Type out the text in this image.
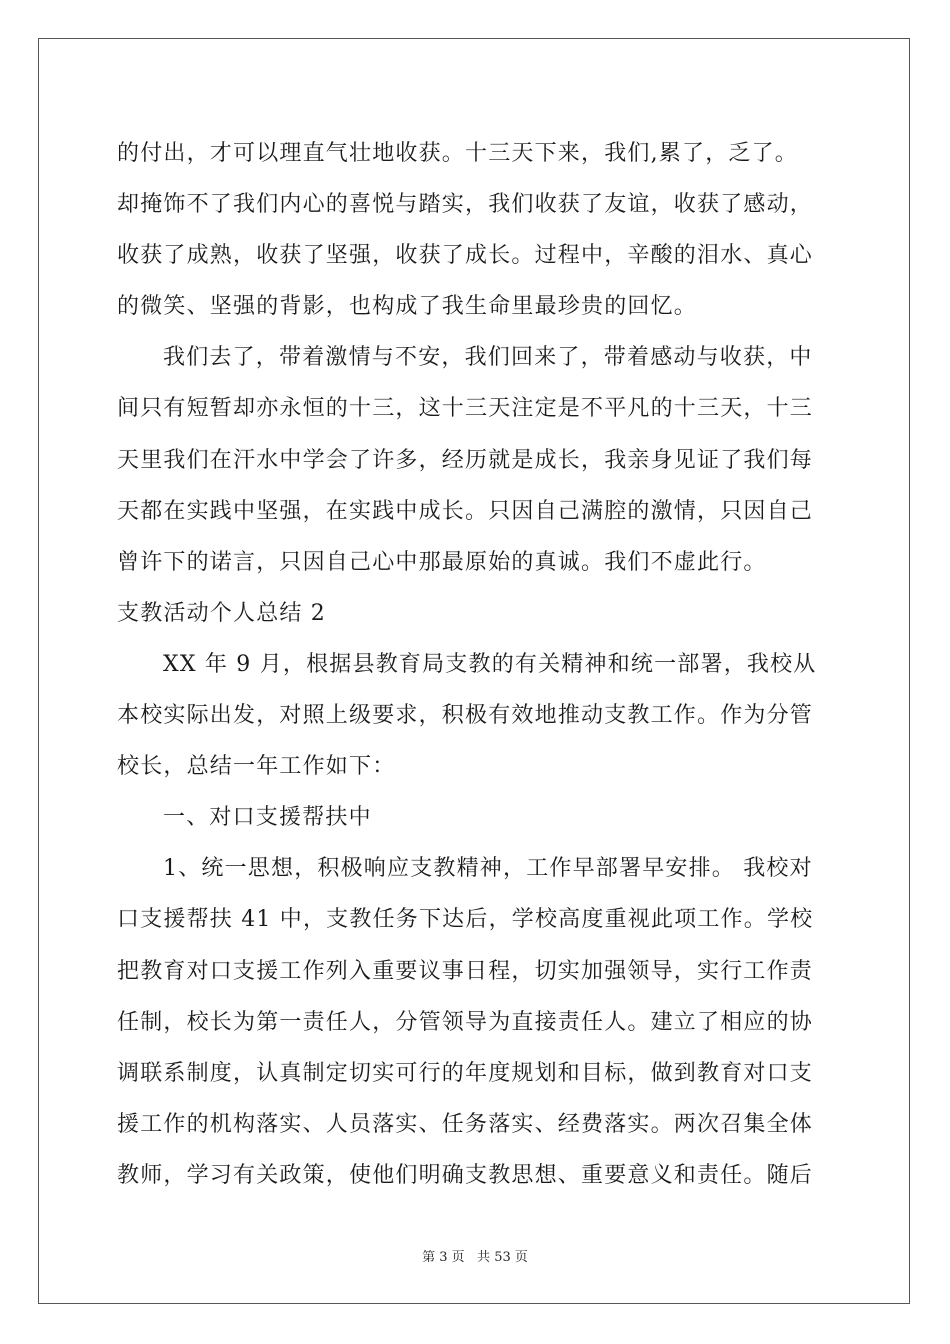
的付出，才可以理直气壮地收获。十三天下来，我们,累了，乏了。
却掩饰不了我们内心的喜悦与踏实，我们收获了友谊，收获了感动，
收获了成熟，收获了坚强，收获了成长。过程中，辛酸的泪水、真心
的微笑、坚强的背影，也构成了我生命里最珍贵的回忆。
我们去了，带着激情与不安，我们回来了，带着感动与收获，中
间只有短暂却亦永恒的十三，这十三天注定是不平凡的十三天，十三
天里我们在汗水中学会了许多，经历就是成长，我亲身见证了我们每
天都在实践中坚强，在实践中成长。只因自己满腔的激情，只因自己
曾许下的诺言，只因自己心中那最原始的真诚。我们不虚此行。
支教活动个人总结 2
XX 年 9 月，根据县教育局支教的有关精神和统一部署，我校从
本校实际出发，对照上级要求，积极有效地推动支教工作。作为分管
校长，总结一年工作如下：
一、对口支援帮扶中
1、统一思想，积极响应支教精神，工作早部署早安排。 我校对
口支援帮扶 41 中，支教任务下达后，学校高度重视此项工作。学校
把教育对口支援工作列入重要议事日程，切实加强领导，实行工作责
任制，校长为第一责任人，分管领导为直接责任人。建立了相应的协
调联系制度，认真制定切实可行的年度规划和目标，做到教育对口支
援工作的机构落实、人员落实、任务落实、经费落实。两次召集全体
教师，学习有关政策，使他们明确支教思想、重要意义和责任。随后
第 3 页   共 53 页
